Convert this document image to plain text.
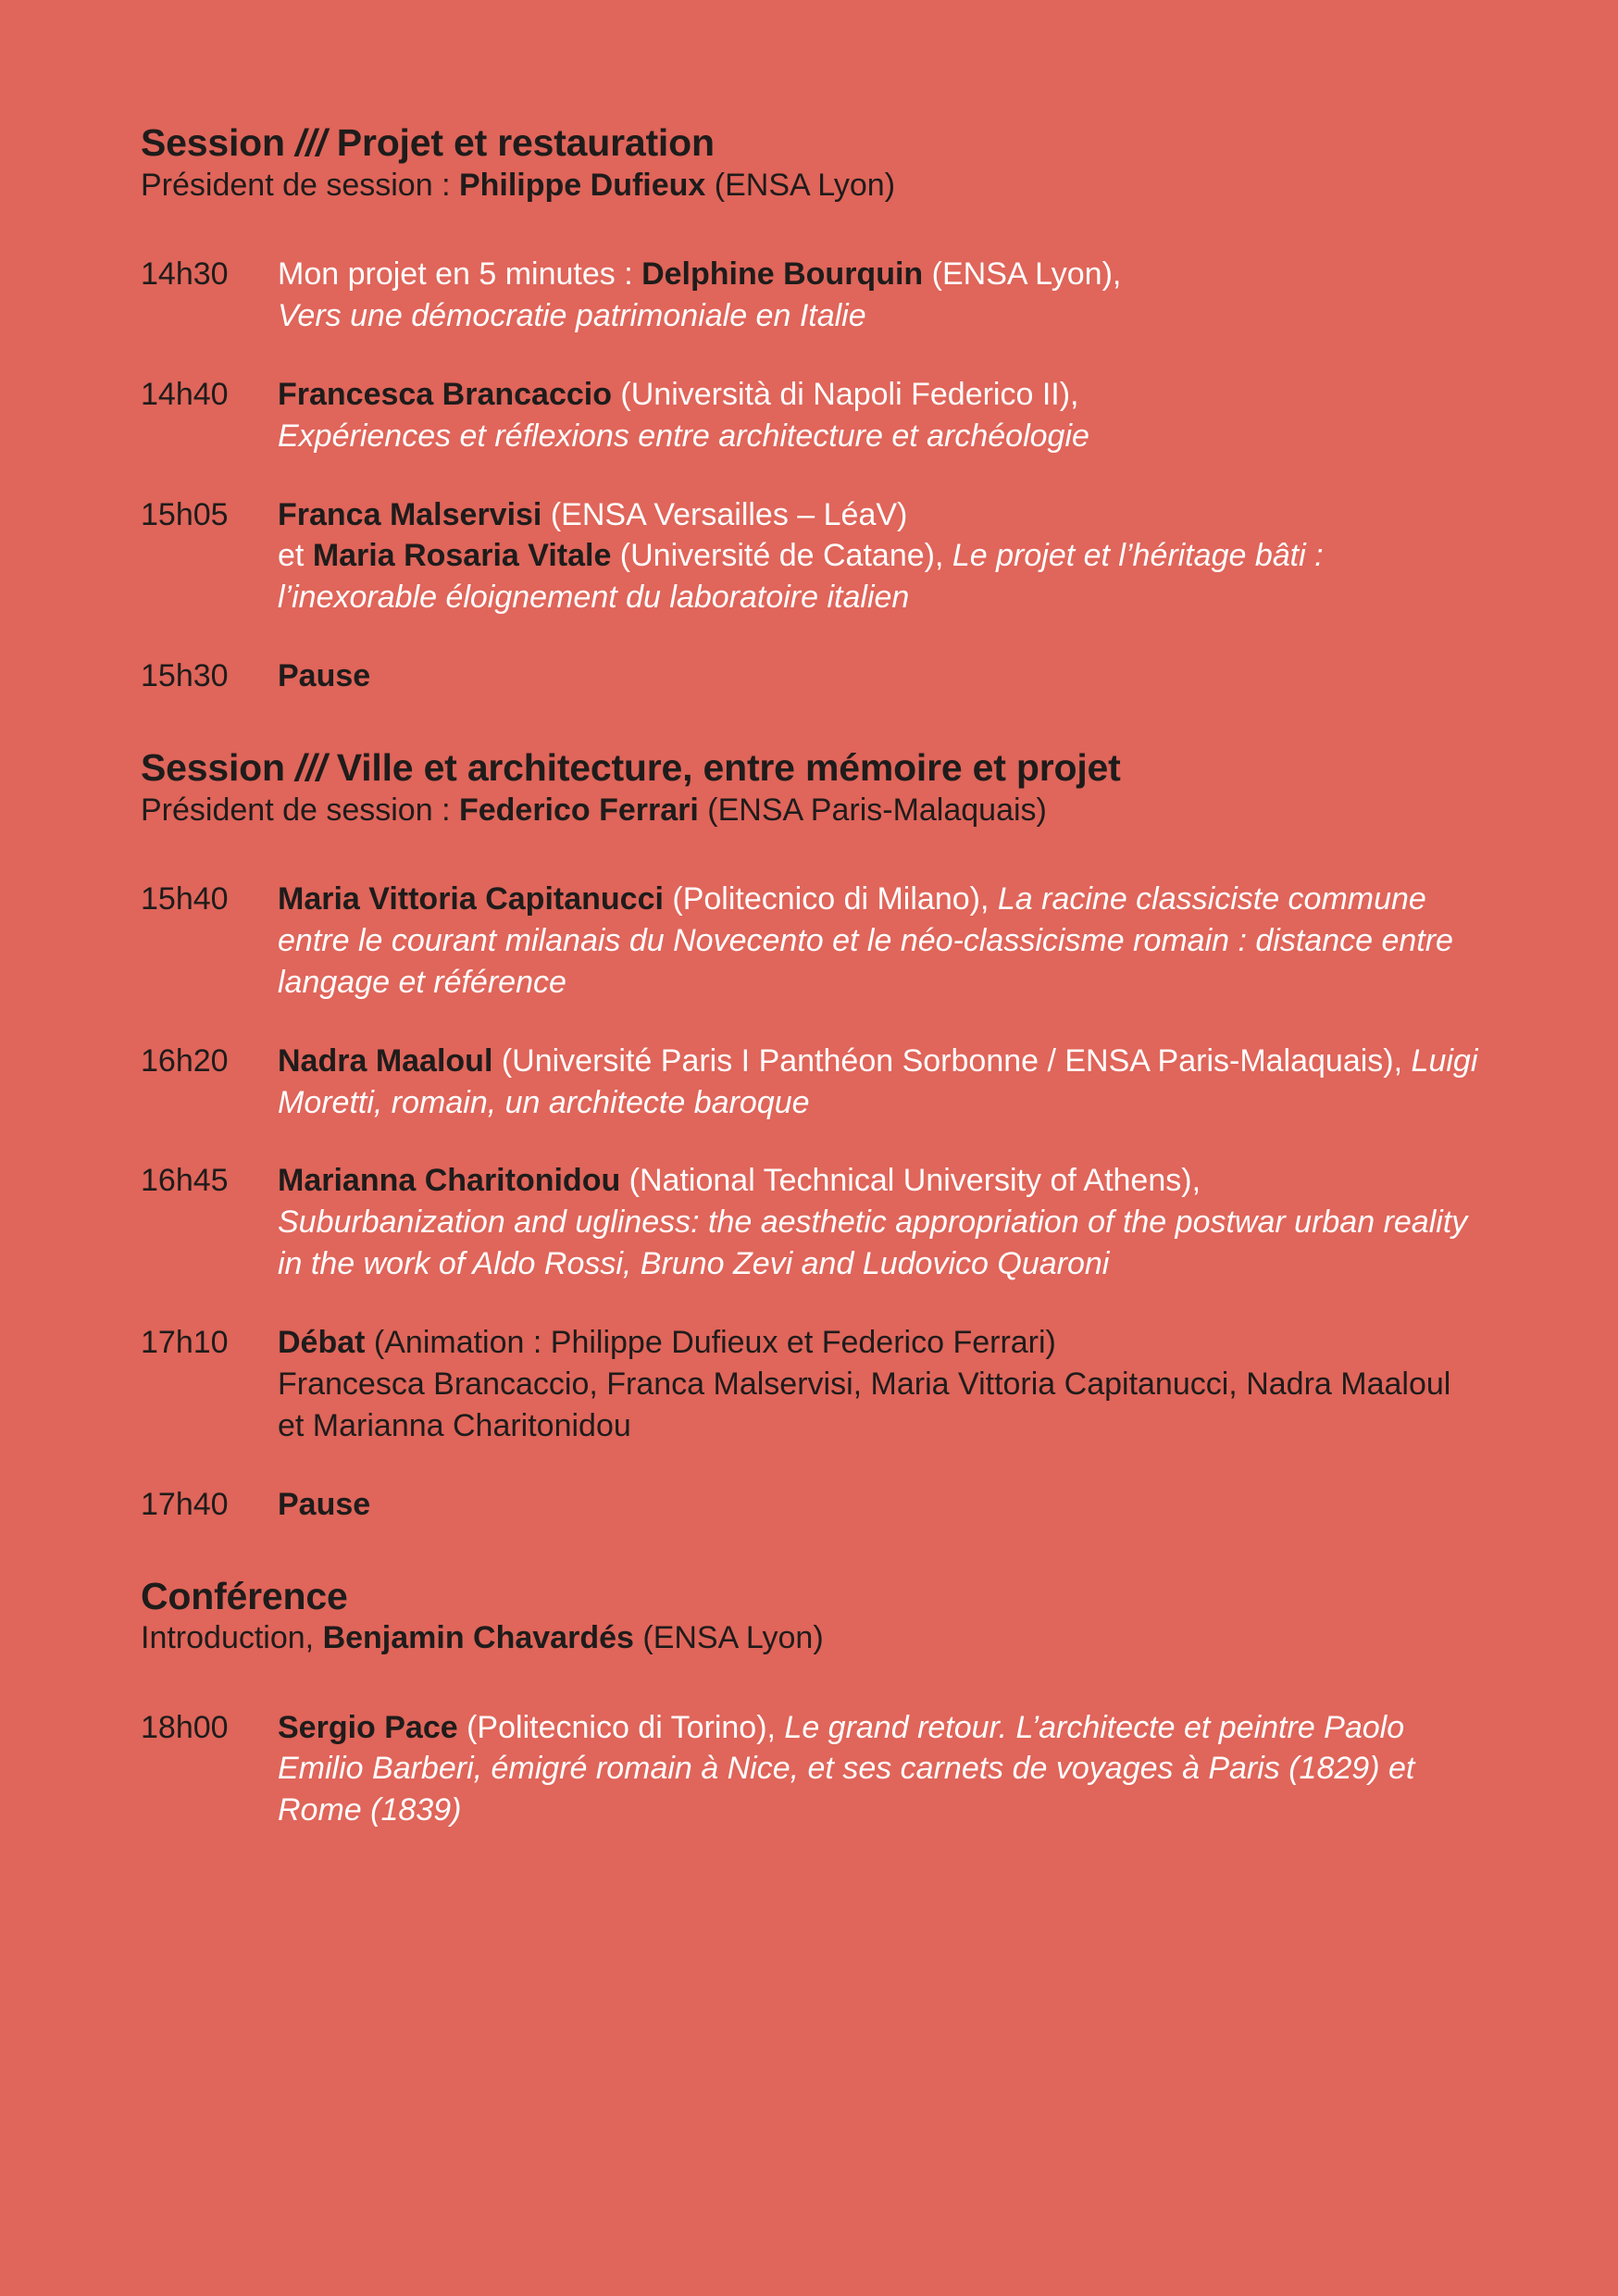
Session /// Projet et restauration
Président de session : Philippe Dufieux (ENSA Lyon)
14h30	Mon projet en 5 minutes : Delphine Bourquin (ENSA Lyon),
Vers une démocratie patrimoniale en Italie
14h40	Francesca Brancaccio (Università di Napoli Federico II),
Expériences et réflexions entre architecture et archéologie
15h05	Franca Malservisi (ENSA Versailles – LéaV)
et Maria Rosaria Vitale (Université de Catane), Le projet et l’héritage bâti : l’inexorable éloignement du laboratoire italien
15h30	Pause
Session /// Ville et architecture, entre mémoire et projet
Président de session : Federico Ferrari (ENSA Paris-Malaquais)
15h40	Maria Vittoria Capitanucci (Politecnico di Milano), La racine classiciste commune entre le courant milanais du Novecento et le néo-classicisme romain : distance entre langage et référence
16h20	Nadra Maaloul (Université Paris I Panthéon Sorbonne / ENSA Paris-Malaquais), Luigi Moretti, romain, un architecte baroque
16h45	Marianna Charitonidou (National Technical University of Athens),
Suburbanization and ugliness: the aesthetic appropriation of the postwar urban reality in the work of Aldo Rossi, Bruno Zevi and Ludovico Quaroni
17h10	Débat (Animation : Philippe Dufieux et Federico Ferrari)
Francesca Brancaccio, Franca Malservisi, Maria Vittoria Capitanucci, Nadra Maaloul et Marianna Charitonidou
17h40	Pause
Conférence
Introduction, Benjamin Chavardés (ENSA Lyon)
18h00	Sergio Pace (Politecnico di Torino), Le grand retour. L’architecte et peintre Paolo Emilio Barberi, émigré romain à Nice, et ses carnets de voyages à Paris (1829) et Rome (1839)
